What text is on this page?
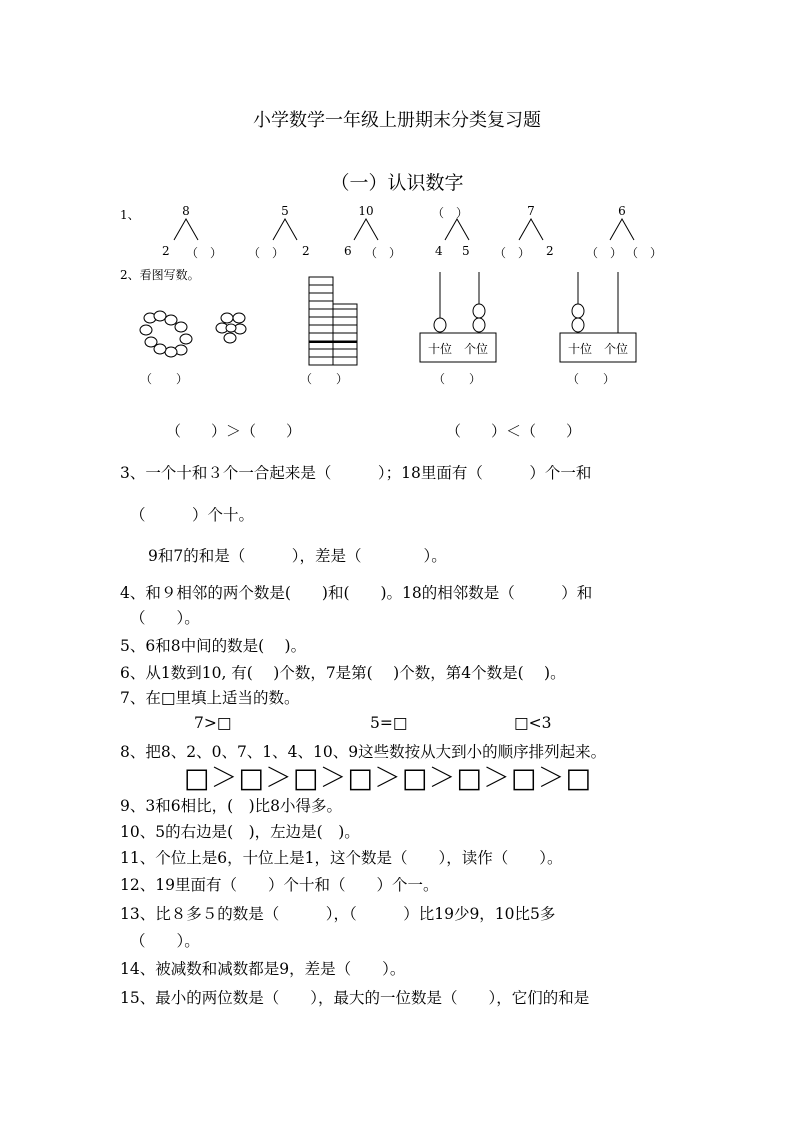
小学数学一年级上册期末分类复习题
（一）认识数字
1、	8
2 （　）
5
（　） 2
10
6 （　）
（　）
4 5
7
（　） 2
6
（　） （　）
2、看图写数。
十位 个位	十位 个位
（　　）	（　　）	（　　）	（　　）
（　　）＞（　　）	（　　）＜（　　）
3、一个十和３个一合起来是（　　　）；18里面有（　　　）个一和
（　　　）个十。
9和7的和是（　　　），差是（　　　　）。
4、和９相邻的两个数是(　　)和(　　)。18的相邻数是（　　　）和
（　　）。
5、6和8中间的数是(　 )。
6、从1数到10, 有(　 )个数，7是第(　 )个数，第4个数是(　 )。
7、在□里填上适当的数。
7>□	5=□	□<3
8、把8、2、0、7、1、4、10、9这些数按从大到小的顺序排列起来。
□＞□＞□＞□＞□＞□＞□＞□
9、3和6相比，(　)比8小得多。
10、5的右边是(　)，左边是(　)。
11、个位上是6，十位上是1，这个数是（　　），读作（　　）。
12、19里面有（　　）个十和（　　）个一。
13、比８多５的数是（　　　），（　　　）比19少9，10比5多
（　　）。
14、被减数和减数都是9，差是（　　）。
15、最小的两位数是（　　），最大的一位数是（　　），它们的和是
